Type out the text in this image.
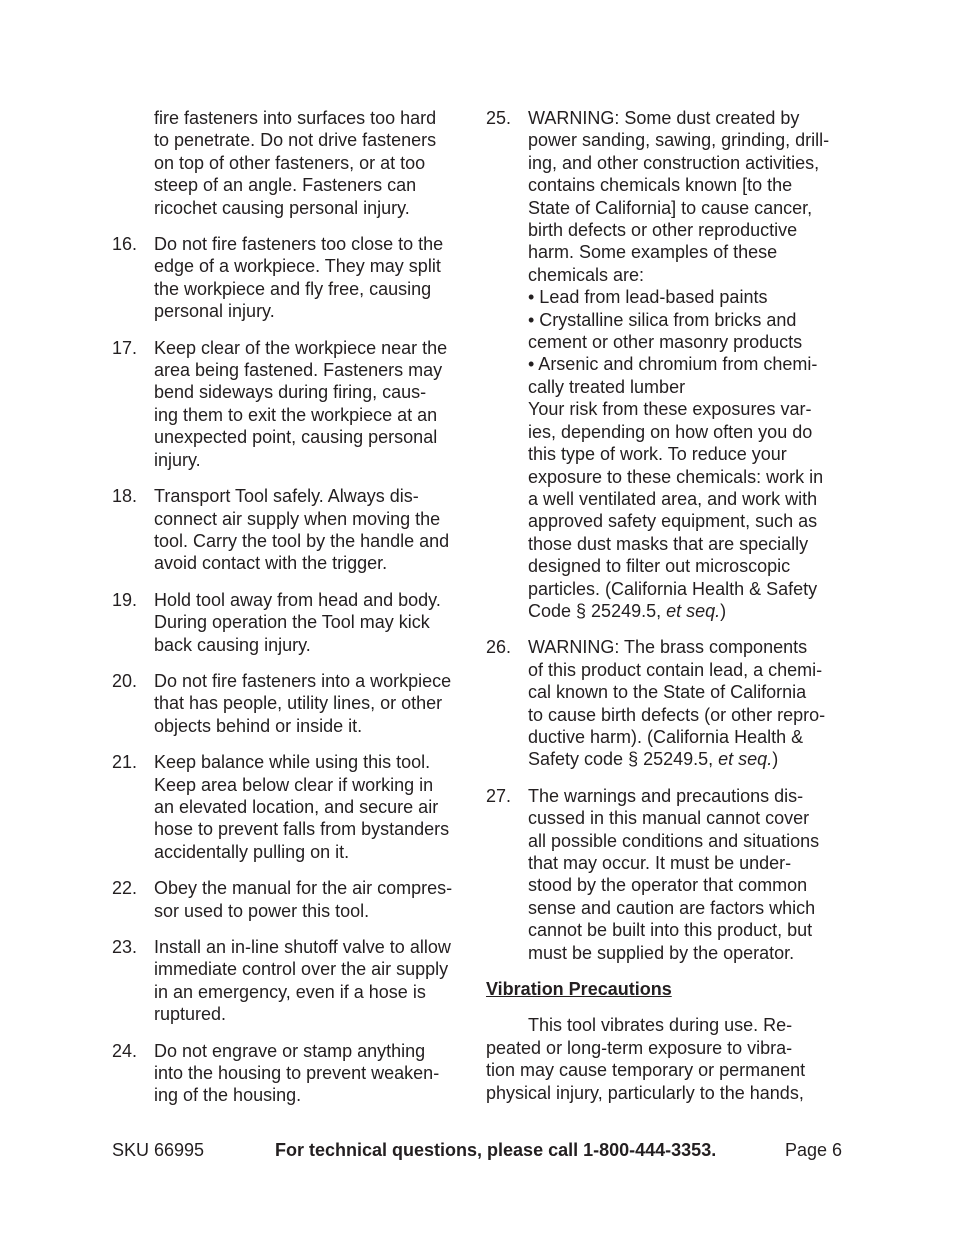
fire fasteners into surfaces too hard
to penetrate. Do not drive fasteners
on top of other fasteners, or at too
steep of an angle. Fasteners can
ricochet causing personal injury.
16. Do not fire fasteners too close to the
edge of a workpiece. They may split
the workpiece and fly free, causing
personal injury.
17. Keep clear of the workpiece near the
area being fastened. Fasteners may
bend sideways during firing, caus-
ing them to exit the workpiece at an
unexpected point, causing personal
injury.
18. Transport Tool safely. Always dis-
connect air supply when moving the
tool. Carry the tool by the handle and
avoid contact with the trigger.
19. Hold tool away from head and body.
During operation the Tool may kick
back causing injury.
20. Do not fire fasteners into a workpiece
that has people, utility lines, or other
objects behind or inside it.
21. Keep balance while using this tool.
Keep area below clear if working in
an elevated location, and secure air
hose to prevent falls from bystanders
accidentally pulling on it.
22. Obey the manual for the air compres-
sor used to power this tool.
23. Install an in-line shutoff valve to allow
immediate control over the air supply
in an emergency, even if a hose is
ruptured.
24. Do not engrave or stamp anything
into the housing to prevent weaken-
ing of the housing.
25. WARNING: Some dust created by
power sanding, sawing, grinding, drill-
ing, and other construction activities,
contains chemicals known [to the
State of California] to cause cancer,
birth defects or other reproductive
harm. Some examples of these
chemicals are:
• Lead from lead-based paints
• Crystalline silica from bricks and
cement or other masonry products
• Arsenic and chromium from chemi-
cally treated lumber
Your risk from these exposures var-
ies, depending on how often you do
this type of work. To reduce your
exposure to these chemicals: work in
a well ventilated area, and work with
approved safety equipment, such as
those dust masks that are specially
designed to filter out microscopic
particles. (California Health & Safety
Code § 25249.5, et seq.)
26. WARNING: The brass components
of this product contain lead, a chemi-
cal known to the State of California
to cause birth defects (or other repro-
ductive harm). (California Health &
Safety code § 25249.5, et seq.)
27. The warnings and precautions dis-
cussed in this manual cannot cover
all possible conditions and situations
that may occur. It must be under-
stood by the operator that common
sense and caution are factors which
cannot be built into this product, but
must be supplied by the operator.
Vibration Precautions
This tool vibrates during use. Re-
peated or long-term exposure to vibra-
tion may cause temporary or permanent
physical injury, particularly to the hands,
SKU 66995	For technical questions, please call 1-800-444-3353.	Page 6
